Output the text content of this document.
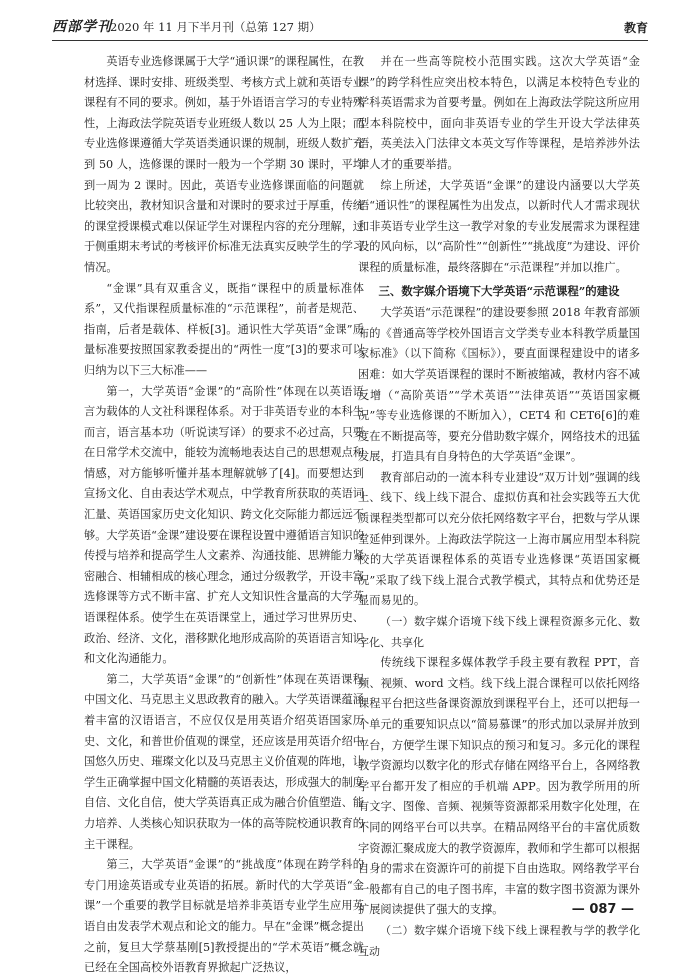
西部学刊
2020 年 11 月下半月刊（总第 127 期）	教育

英语专业选修课属于大学“通识课”的课程属性，在教材选择、课时安排、班级类型、考核方式上就和英语专业课程有不同的要求。例如，基于外语语言学习的专业特殊性，上海政法学院英语专业班级人数以 25 人为上限；而专业选修课遵循大学英语类通识课的规制，班级人数扩充到 50 人，选修课的课时一般为一个学期 30 课时，平均到一周为 2 课时。因此，英语专业选修课面临的问题就比较突出，教材知识含量和对课时的要求过于厚重，传统的课堂授课模式难以保证学生对课程内容的充分理解，过于侧重期末考试的考核评价标准无法真实反映学生的学习情况。

“金课”具有双重含义，既指“课程中的质量标准体系”，又代指课程质量标准的“示范课程”，前者是规范、指南，后者是载体、样板[3]。通识性大学英语“金课”质量标准要按照国家教委提出的“两性一度”[3]的要求可以归纳为以下三大标准——

第一，大学英语“金课”的“高阶性”体现在以英语语言为载体的人文社科课程体系。对于非英语专业的本科生而言，语言基本功（听说读写译）的要求不必过高，只要在日常学术交流中，能较为流畅地表达自己的思想观点和情感，对方能够听懂并基本理解就够了[4]。而要想达到宣扬文化、自由表达学术观点，中学教育所获取的英语词汇量、英语国家历史文化知识、跨文化交际能力都远远不够。大学英语“金课”建设要在课程设置中遵循语言知识的传授与培养和提高学生人文素养、沟通技能、思辨能力紧密融合、相辅相成的核心理念，通过分级教学，开设丰富选修课等方式不断丰富、扩充人文知识性含量高的大学英语课程体系。使学生在英语课堂上，通过学习世界历史、政治、经济、文化，潜移默化地形成高阶的英语语言知识和文化沟通能力。

第二，大学英语“金课”的“创新性”体现在英语课程中国文化、马克思主义思政教育的融入。大学英语课蕴涵着丰富的汉语语言，不应仅仅是用英语介绍英语国家历史、文化，和普世价值观的课堂，还应该是用英语介绍中国悠久历史、璀璨文化以及马克思主义价值观的阵地，让学生正确掌握中国文化精髓的英语表达，形成强大的制度自信、文化自信，使大学英语真正成为融合价值塑造、能力培养、人类核心知识获取为一体的高等院校通识教育的主干课程。

第三，大学英语“金课”的“挑战度”体现在跨学科的专门用途英语或专业英语的拓展。新时代的大学英语“金课”一个重要的教学目标就是培养非英语专业学生应用英语自由发表学术观点和论文的能力。早在“金课”概念提出之前，复旦大学蔡基刚[5]教授提出的“学术英语”概念就已经在全国高校外语教育界掀起广泛热议，

并在一些高等院校小范围实践。这次大学英语“金课”的跨学科性应突出校本特色，以满足本校特色专业的学科英语需求为首要考量。例如在上海政法学院这所应用型本科院校中，面向非英语专业的学生开设大学法律英语，英美法入门法律文本英文写作等课程，是培养涉外法律人才的重要举措。

综上所述，大学英语“金课”的建设内涵要以大学英语“通识性”的课程属性为出发点，以新时代人才需求现状和非英语专业学生这一教学对象的专业发展需求为课程建设的风向标，以“高阶性”“创新性”“挑战度”为建设、评价课程的质量标准，最终落脚在“示范课程”并加以推广。

三、数字媒介语境下大学英语“示范课程”的建设

大学英语“示范课程”的建设要参照 2018 年教育部颁布的《普通高等学校外国语言文学类专业本科教学质量国家标准》（以下简称《国标》），要直面课程建设中的诸多困难：如大学英语课程的课时不断被缩减，教材内容不减反增（“高阶英语”“学术英语”“法律英语”“英语国家概况”等专业选修课的不断加入），CET4 和 CET6[6]的难度在不断提高等，要充分借助数字媒介，网络技术的迅猛发展，打造具有自身特色的大学英语“金课”。

教育部启动的一流本科专业建设“双万计划”强调的线上、线下、线上线下混合、虚拟仿真和社会实践等五大优质课程类型都可以充分依托网络数字平台，把数与学从课堂延伸到课外。上海政法学院这一上海市属应用型本科院校的大学英语课程体系的英语专业选修课“英语国家概况”采取了线下线上混合式教学模式，其特点和优势还是显而易见的。

（一）数字媒介语境下线下线上课程资源多元化、数字化、共享化

传统线下课程多媒体教学手段主要有教程 PPT，音频、视频、word 文档。线下线上混合课程可以依托网络课程平台把这些备课资源放到课程平台上，还可以把每一个单元的重要知识点以“简易慕课”的形式加以录屏并放到平台，方便学生课下知识点的预习和复习。多元化的课程教学资源均以数字化的形式存储在网络平台上，各网络教学平台都开发了相应的手机端 APP。因为教学所用的所有文字、图像、音频、视频等资源都采用数字化处理，在不同的网络平台可以共享。在精品网络平台的丰富优质数字资源汇聚成庞大的教学资源库，教师和学生都可以根据自身的需求在资源许可的前提下自由选取。网络教学平台一般都有自己的电子图书库，丰富的数字图书资源为课外扩展阅读提供了强大的支撑。

（二）数字媒介语境下线下线上课程教与学的教学化互动
— 087 —
